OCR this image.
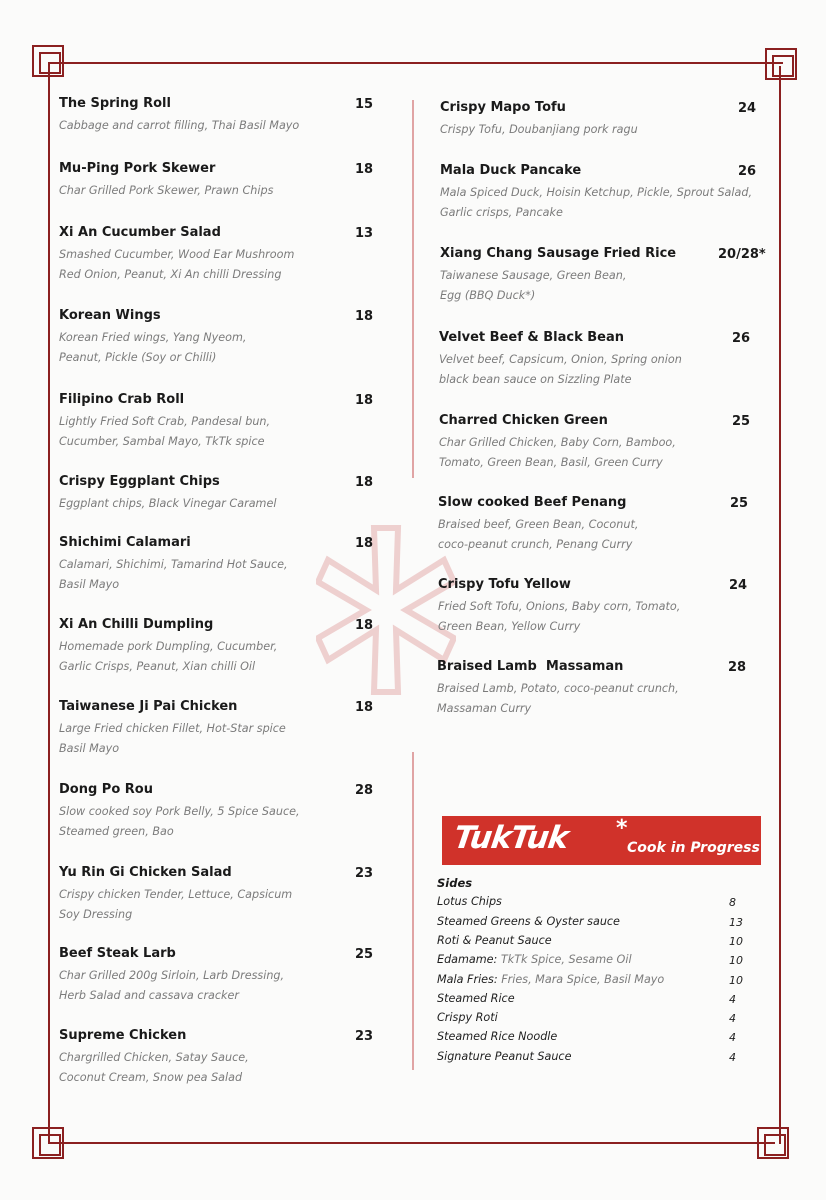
The Spring Roll	15
Cabbage and carrot filling, Thai Basil Mayo
Mu-Ping Pork Skewer	18
Char Grilled Pork Skewer, Prawn Chips
Xi An Cucumber Salad	13
Smashed Cucumber, Wood Ear Mushroom
Red Onion, Peanut, Xi An chilli Dressing
Korean Wings	18
Korean Fried wings, Yang Nyeom,
Peanut, Pickle (Soy or Chilli)
Filipino Crab Roll	18
Lightly Fried Soft Crab, Pandesal bun,
Cucumber, Sambal Mayo, TkTk spice
Crispy Eggplant Chips	18
Eggplant chips, Black Vinegar Caramel
Shichimi Calamari	18
Calamari, Shichimi, Tamarind Hot Sauce,
Basil Mayo
Xi An Chilli Dumpling	18
Homemade pork Dumpling, Cucumber,
Garlic Crisps, Peanut, Xian chilli Oil
Taiwanese Ji Pai Chicken	18
Large Fried chicken Fillet, Hot-Star spice
Basil Mayo
Dong Po Rou	28
Slow cooked soy Pork Belly, 5 Spice Sauce,
Steamed green, Bao
Yu Rin Gi Chicken Salad	23
Crispy chicken Tender, Lettuce, Capsicum
Soy Dressing
Beef Steak Larb	25
Char Grilled 200g Sirloin, Larb Dressing,
Herb Salad and cassava cracker
Supreme Chicken	23
Chargrilled Chicken, Satay Sauce,
Coconut Cream, Snow pea Salad
Crispy Mapo Tofu	24
Crispy Tofu, Doubanjiang pork ragu
Mala Duck Pancake	26
Mala Spiced Duck, Hoisin Ketchup, Pickle, Sprout Salad,
Garlic crisps, Pancake
Xiang Chang Sausage Fried Rice	20/28*
Taiwanese Sausage, Green Bean,
Egg (BBQ Duck*)
Velvet Beef & Black Bean	26
Velvet beef, Capsicum, Onion, Spring onion
black bean sauce on Sizzling Plate
Charred Chicken Green	25
Char Grilled Chicken, Baby Corn, Bamboo,
Tomato, Green Bean, Basil, Green Curry
Slow cooked Beef Penang	25
Braised beef, Green Bean, Coconut,
coco-peanut crunch, Penang Curry
Crispy Tofu Yellow	24
Fried Soft Tofu, Onions, Baby corn, Tomato,
Green Bean, Yellow Curry
Braised Lamb  Massaman	28
Braised Lamb, Potato, coco-peanut crunch,
Massaman Curry
TukTuk *
Cook in Progress
Sides
Lotus Chips	8
Steamed Greens & Oyster sauce	13
Roti & Peanut Sauce	10
Edamame: TkTk Spice, Sesame Oil	10
Mala Fries: Fries, Mara Spice, Basil Mayo	10
Steamed Rice	4
Crispy Roti	4
Steamed Rice Noodle	4
Signature Peanut Sauce	4
